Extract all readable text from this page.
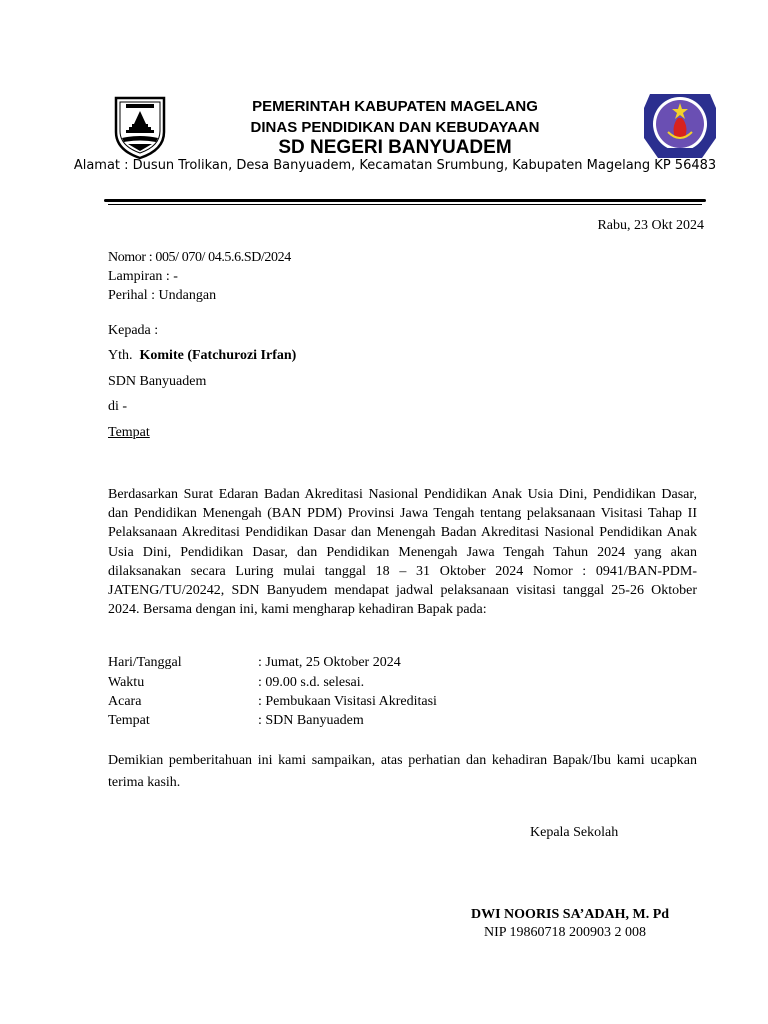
PEMERINTAH KABUPATEN MAGELANG
DINAS PENDIDIKAN DAN KEBUDAYAAN
SD NEGERI BANYUADEM
Alamat : Dusun Trolikan, Desa Banyuadem, Kecamatan Srumbung, Kabupaten Magelang KP 56483
Rabu, 23 Okt 2024
Nomor : 005/ 070/ 04.5.6.SD/2024
Lampiran : -
Perihal : Undangan
Kepada :
Yth. Komite (Fatchurozi Irfan)
SDN Banyuadem
di -
Tempat
Berdasarkan Surat Edaran Badan Akreditasi Nasional Pendidikan Anak Usia Dini, Pendidikan Dasar, dan Pendidikan Menengah (BAN PDM) Provinsi Jawa Tengah tentang pelaksanaan Visitasi Tahap II Pelaksanaan Akreditasi Pendidikan Dasar dan Menengah Badan Akreditasi Nasional Pendidikan Anak Usia Dini, Pendidikan Dasar, dan Pendidikan Menengah Jawa Tengah Tahun 2024 yang akan dilaksanakan secara Luring mulai tanggal 18 – 31 Oktober 2024 Nomor : 0941/BAN-PDM-JATENG/TU/20242, SDN Banyudem mendapat jadwal pelaksanaan visitasi tanggal 25-26 Oktober 2024. Bersama dengan ini, kami mengharap kehadiran Bapak pada:
Hari/Tanggal	: Jumat, 25 Oktober 2024
Waktu	: 09.00 s.d. selesai.
Acara	: Pembukaan Visitasi Akreditasi
Tempat	: SDN Banyuadem
Demikian pemberitahuan ini kami sampaikan, atas perhatian dan kehadiran Bapak/Ibu kami ucapkan terima kasih.
Kepala Sekolah
DWI NOORIS SA’ADAH, M. Pd
NIP 19860718 200903 2 008
